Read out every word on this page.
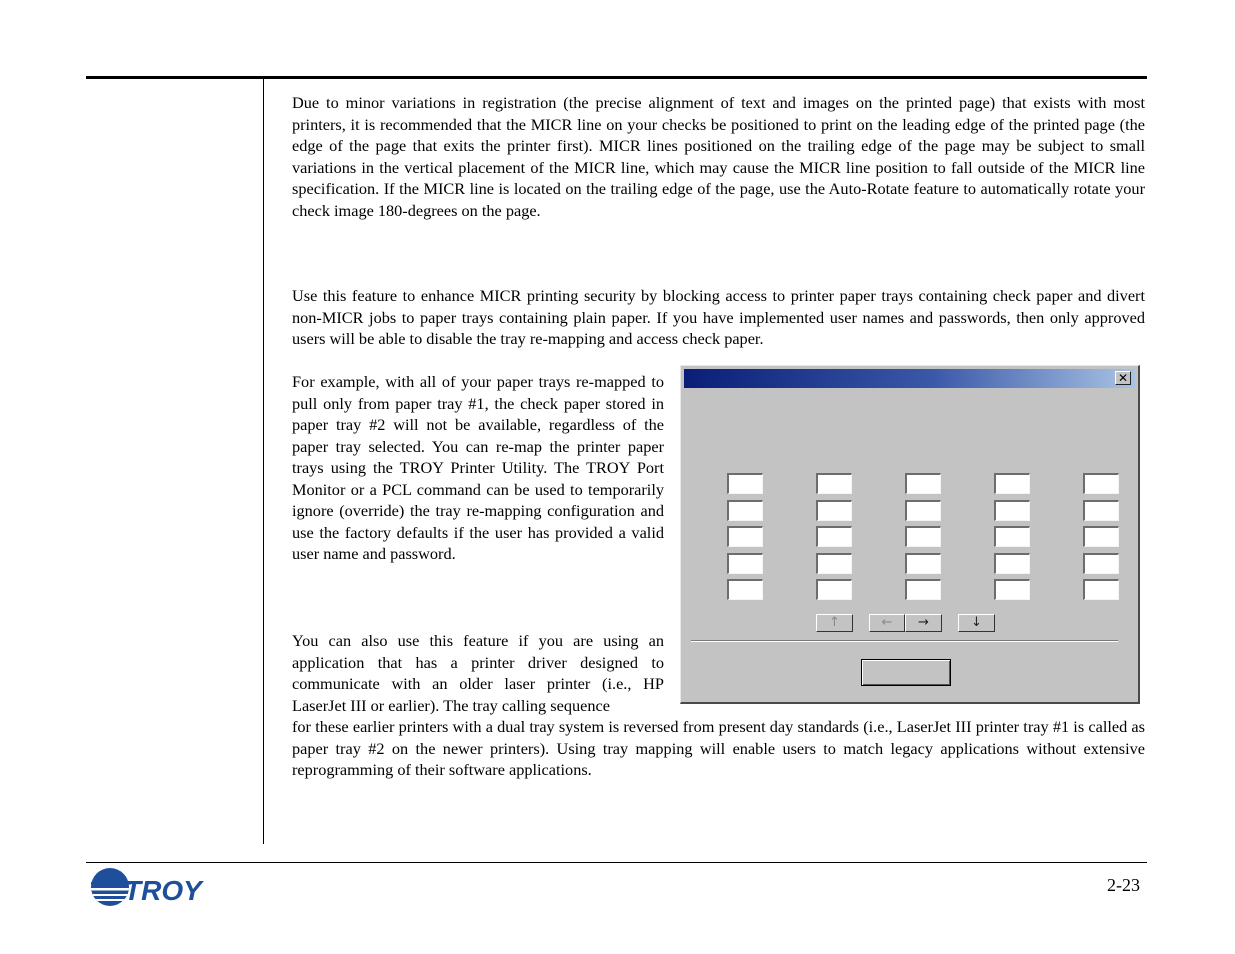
Due to minor variations in registration (the precise alignment of text and images on the printed page) that exists with most printers, it is recommended that the MICR line on your checks be positioned to print on the leading edge of the printed page (the edge of the page that exits the printer first). MICR lines positioned on the trailing edge of the page may be subject to small variations in the vertical placement of the MICR line, which may cause the MICR line position to fall outside of the MICR line specification. If the MICR line is located on the trailing edge of the page, use the Auto-Rotate feature to automatically rotate your check image 180-degrees on the page.

Use this feature to enhance MICR printing security by blocking access to printer paper trays containing check paper and divert non-MICR jobs to paper trays containing plain paper. If you have implemented user names and passwords, then only approved users will be able to disable the tray re-mapping and access check paper.

For example, with all of your paper trays re-mapped to pull only from paper tray #1, the check paper stored in paper tray #2 will not be available, regardless of the paper tray selected. You can re-map the printer paper trays using the TROY Printer Utility. The TROY Port Monitor or a PCL command can be used to temporarily ignore (override) the tray re-mapping configuration and use the factory defaults if the user has provided a valid user name and password.

You can also use this feature if you are using an application that has a printer driver designed to communicate with an older laser printer (i.e., HP LaserJet III or earlier). The tray calling sequence

for these earlier printers with a dual tray system is reversed from present day standards (i.e., LaserJet III printer tray #1 is called as paper tray #2 on the newer printers). Using tray mapping will enable users to match legacy applications without extensive reprogramming of their software applications.

✕
↑	←	→	↓
TROY	2-23
